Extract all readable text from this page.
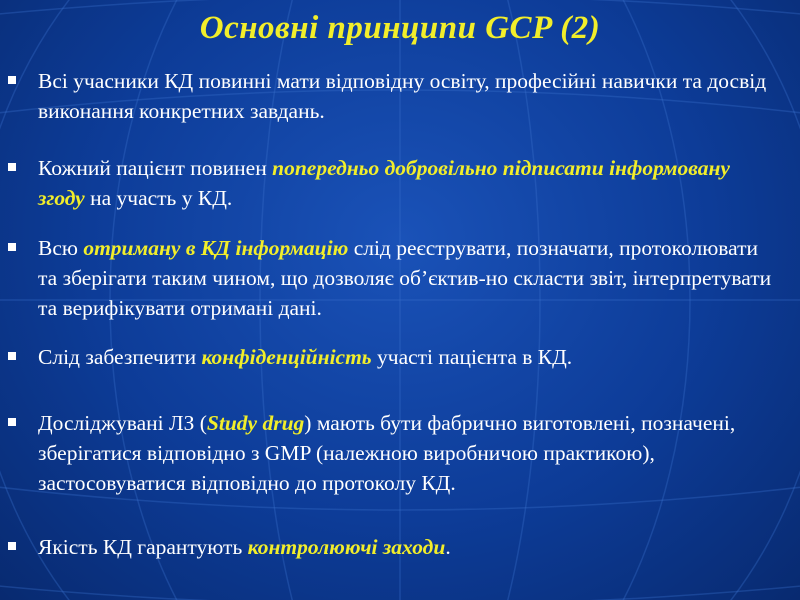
Основні принципи GCP (2)
Всі учасники КД повинні мати відповідну освіту, професійні навички та досвід виконання конкретних завдань.
Кожний пацієнт повинен попередньо добровільно підписати інформовану згоду на участь у КД.
Всю отриману в КД інформацію слід реєструвати, позначати, протоколювати та зберігати таким чином, що дозволяє об’єктив-но скласти звіт, інтерпретувати та верифікувати отримані дані.
Слід забезпечити конфіденційність участі пацієнта в КД.
Досліджувані ЛЗ (Study drug) мають бути фабрично виготовлені, позначені, зберігатися відповідно з GMP (належною виробничою практикою), застосовуватися відповідно до протоколу КД.
Якість КД гарантують контролюючі заходи.
